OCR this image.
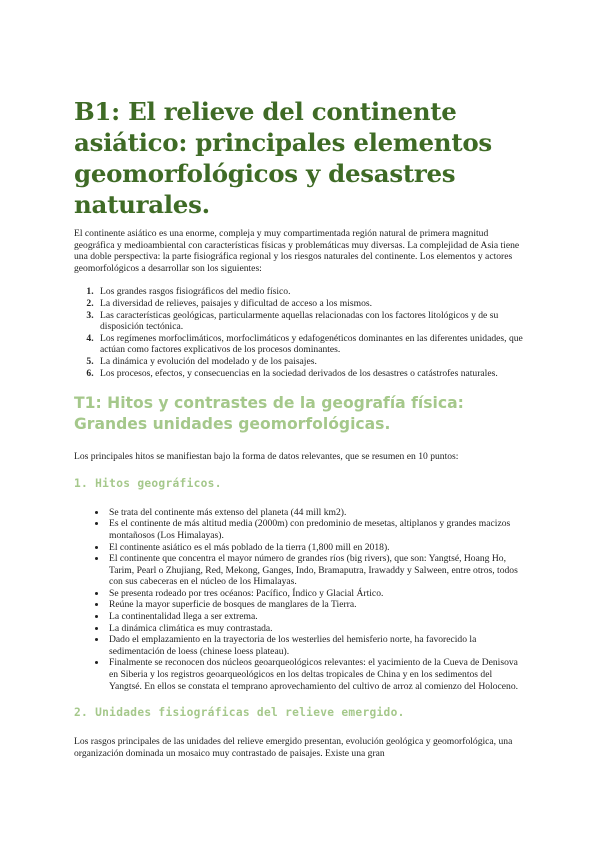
B1: El relieve del continente asiático: principales elementos geomorfológicos y desastres naturales.

El continente asiático es una enorme, compleja y muy compartimentada región natural de primera magnitud geográfica y medioambiental con características físicas y problemáticas muy diversas. La complejidad de Asia tiene una doble perspectiva: la parte fisiográfica regional y los riesgos naturales del continente. Los elementos y actores geomorfológicos a desarrollar son los siguientes:

1. Los grandes rasgos fisiográficos del medio físico.
2. La diversidad de relieves, paisajes y dificultad de acceso a los mismos.
3. Las características geológicas, particularmente aquellas relacionadas con los factores litológicos y de su disposición tectónica.
4. Los regímenes morfoclimáticos, morfoclimáticos y edafogenéticos dominantes en las diferentes unidades, que actúan como factores explicativos de los procesos dominantes.
5. La dinámica y evolución del modelado y de los paisajes.
6. Los procesos, efectos, y consecuencias en la sociedad derivados de los desastres o catástrofes naturales.
T1: Hitos y contrastes de la geografía física: Grandes unidades geomorfológicas.

Los principales hitos se manifiestan bajo la forma de datos relevantes, que se resumen en 10 puntos:

1. Hitos geográficos.
• Se trata del continente más extenso del planeta (44 mill km2).
• Es el continente de más altitud media (2000m) con predominio de mesetas, altiplanos y grandes macizos montañosos (Los Himalayas).
• El continente asiático es el más poblado de la tierra (1,800 mill en 2018).
• El continente que concentra el mayor número de grandes ríos (big rivers), que son: Yangtsé, Hoang Ho, Tarim, Pearl o Zhujiang, Red, Mekong, Ganges, Indo, Bramaputra, Irawaddy y Salween, entre otros, todos con sus cabeceras en el núcleo de los Himalayas.
• Se presenta rodeado por tres océanos: Pacífico, Índico y Glacial Ártico.
• Reúne la mayor superficie de bosques de manglares de la Tierra.
• La continentalidad llega a ser extrema.
• La dinámica climática es muy contrastada.
• Dado el emplazamiento en la trayectoria de los westerlies del hemisferio norte, ha favorecido la sedimentación de loess (chinese loess plateau).
• Finalmente se reconocen dos núcleos geoarqueológicos relevantes: el yacimiento de la Cueva de Denisova en Siberia y los registros geoarqueológicos en los deltas tropicales de China y en los sedimentos del Yangtsé. En ellos se constata el temprano aprovechamiento del cultivo de arroz al comienzo del Holoceno.
2. Unidades fisiográficas del relieve emergido.

Los rasgos principales de las unidades del relieve emergido presentan, evolución geológica y geomorfológica, una organización dominada un mosaico muy contrastado de paisajes. Existe una gran
